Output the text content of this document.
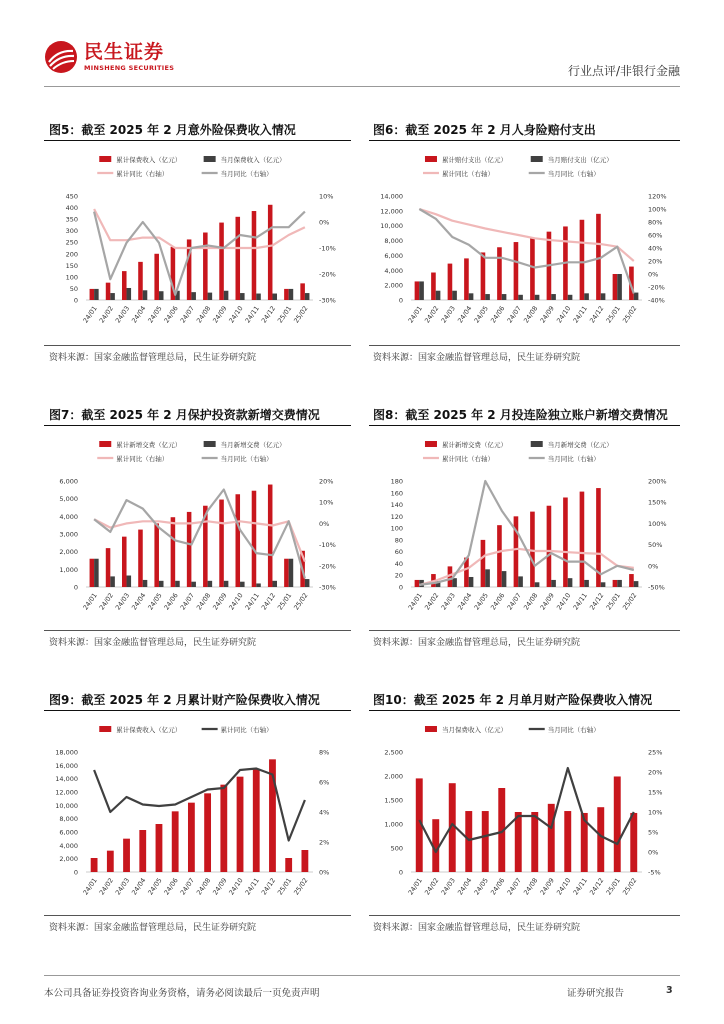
民生证券
MINSHENG SECURITIES	行业点评/非银行金融
图5：截至 2025 年 2 月意外险保费收入情况
累计保费收入（亿元）	当月保费收入（亿元）
累计同比（右轴）	当月同比（右轴）
0
50
100
150
200
250
300
350
400
450
-30%
-20%
-10%
0%
10%
24/01
24/02
24/03
24/04
24/05
24/06
24/07
24/08
24/09
24/10
24/11
24/12
25/01
25/02
资料来源：国家金融监督管理总局，民生证券研究院
图6：截至 2025 年 2 月人身险赔付支出
累计赔付支出（亿元）	当月赔付支出（亿元）
累计同比（右轴）	当月同比（右轴）
0
2,000
4,000
6,000
8,000
10,000
12,000
14,000
-40%
-20%
0%
20%
40%
60%
80%
100%
120%
24/01 24/02 24/03 24/04 24/05 24/06 24/07 24/08 24/09 24/10 24/11 24/12 25/01 25/02
资料来源：国家金融监督管理总局，民生证券研究院
图7：截至 2025 年 2 月保护投资款新增交费情况
累计新增交费（亿元）	当月新增交费（亿元）
累计同比（右轴）	当月同比（右轴）
0
1,000
2,000
3,000
4,000
5,000
6,000
-30%
-20%
-10%
0%
10%
20%
24/01
24/02
24/03
24/04
24/05
24/06
24/07
24/08
24/09
24/10
24/11
24/12
25/01
25/02
资料来源：国家金融监督管理总局，民生证券研究院
图8：截至 2025 年 2 月投连险独立账户新增交费情况
累计新增交费（亿元）	当月新增交费（亿元）
累计同比（右轴）	当月同比（右轴）
0
20
40
60
80
100
120
140
160
180
-50%
0%
50%
100%
150%
200%
24/01 24/02 24/03 24/04 24/05 24/06 24/07 24/08 24/09 24/10 24/11 24/12 25/01 25/02
资料来源：国家金融监督管理总局，民生证券研究院
图9：截至 2025 年 2 月累计财产险保费收入情况
累计保费收入（亿元）	累计同比（右轴）
0
2,000
4,000
6,000
8,000
10,000
12,000
14,000
16,000
18,000
0%
2%
4%
6%
8%
24/01
24/02
24/03
24/04
24/05
24/06
24/07
24/08
24/09
24/10
24/11
24/12
25/01
25/02
资料来源：国家金融监督管理总局，民生证券研究院
图10：截至 2025 年 2 月单月财产险保费收入情况
当月保费收入（亿元）	当月同比（右轴）
0
500
1,000
1,500
2,000
2,500
-5%
0%
5%
10%
15%
20%
25%
24/01 24/02 24/03 24/04 24/05 24/06 24/07 24/08 24/09 24/10 24/11 24/12 25/01 25/02
资料来源：国家金融监督管理总局，民生证券研究院
本公司具备证券投资咨询业务资格，请务必阅读最后一页免责声明	证券研究报告	3
